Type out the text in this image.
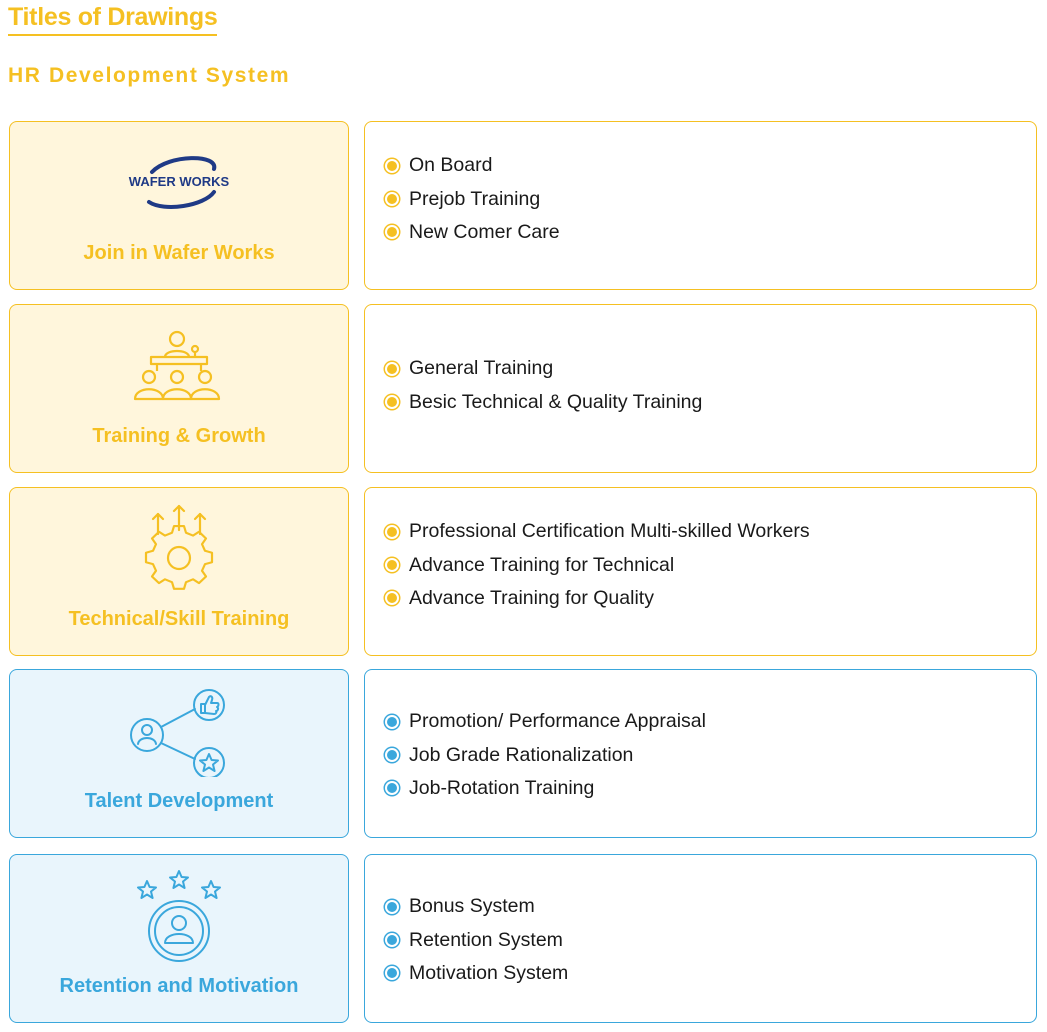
Titles of Drawings
HR Development System
WAFER WORKS
Join in Wafer Works
On Board
Prejob Training
New Comer Care
Training & Growth
General Training
Besic Technical & Quality Training
Technical/Skill Training
Professional Certification Multi-skilled Workers
Advance Training for Technical
Advance Training for Quality
Talent Development
Promotion/ Performance Appraisal
Job Grade Rationalization
Job-Rotation Training
Retention and Motivation
Bonus System
Retention System
Motivation System
